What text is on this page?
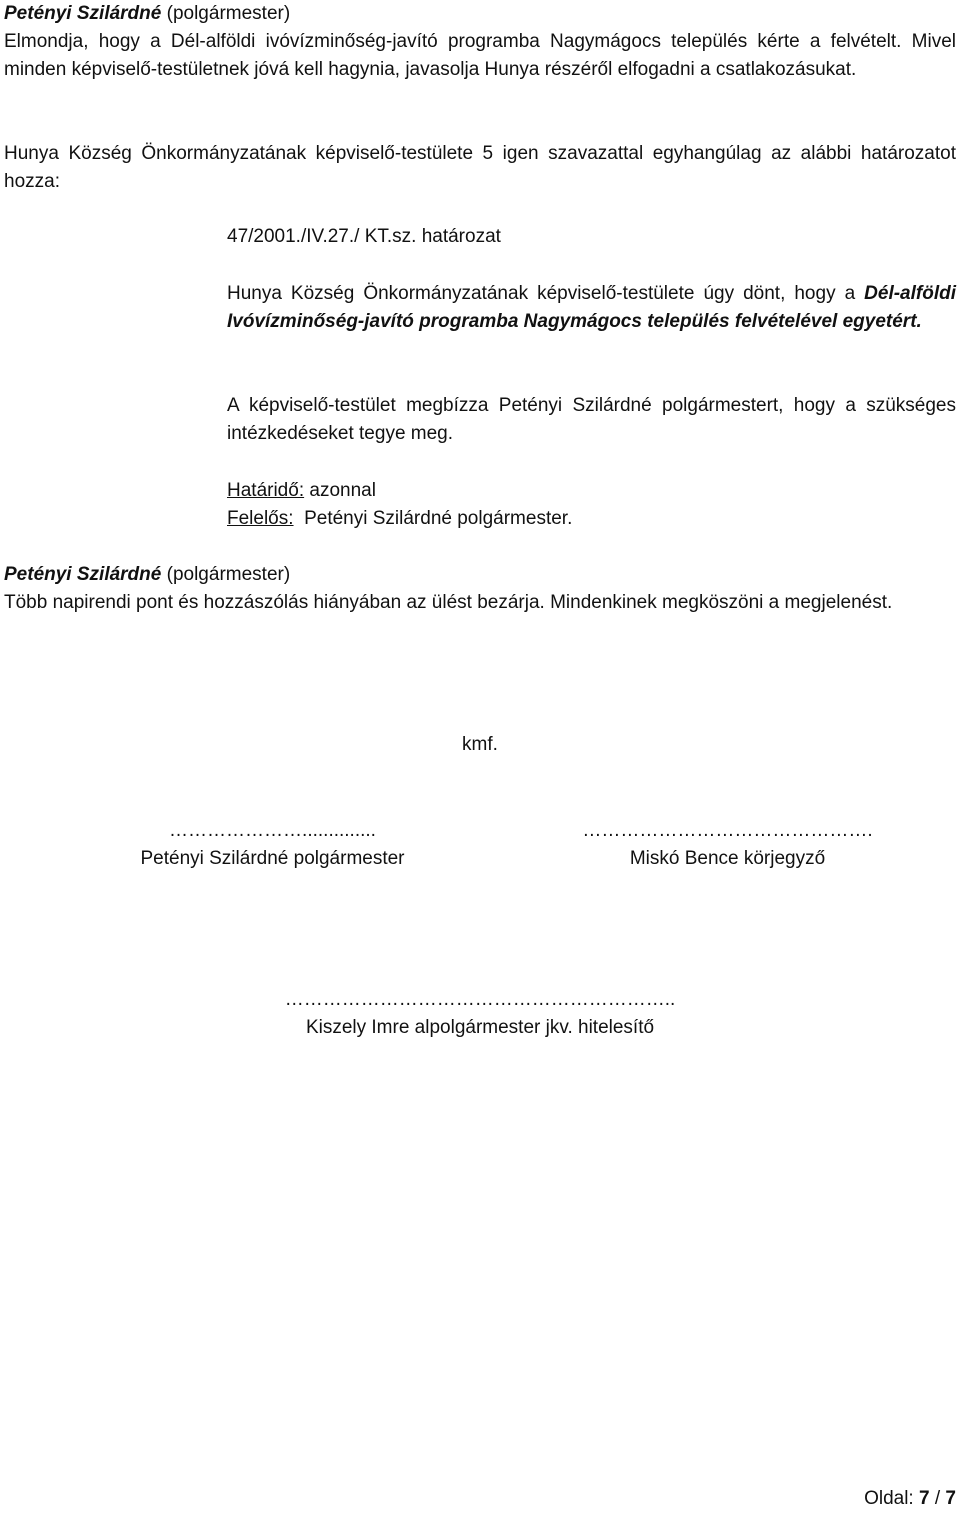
Petényi Szilárdné (polgármester)

Elmondja, hogy a Dél-alföldi ivóvízminőség-javító programba Nagymágocs település kérte a felvételt. Mivel minden képviselő-testületnek jóvá kell hagynia, javasolja Hunya részéről elfogadni a csatlakozásukat.

Hunya Község Önkormányzatának képviselő-testülete 5 igen szavazattal egyhangúlag az alábbi határozatot hozza:
47/2001./IV.27./ KT.sz. határozat
Hunya Község Önkormányzatának képviselő-testülete úgy dönt, hogy a Dél-alföldi Ivóvízminőség-javító programba Nagymágocs település felvételével egyetért.
A képviselő-testület megbízza Petényi Szilárdné polgármestert, hogy a szükséges intézkedéseket tegye meg.

Határidő: azonnal

Felelős:  Petényi Szilárdné polgármester.

Petényi Szilárdné (polgármester)

Több napirendi pont és hozzászólás hiányában az ülést bezárja. Mindenkinek megköszöni a megjelenést.

kmf.

…………………..............

Petényi Szilárdné polgármester

……………………………………….

Miskó Bence körjegyző

……………………………………………………..

Kiszely Imre alpolgármester jkv. hitelesítő

Oldal: 7 / 7
